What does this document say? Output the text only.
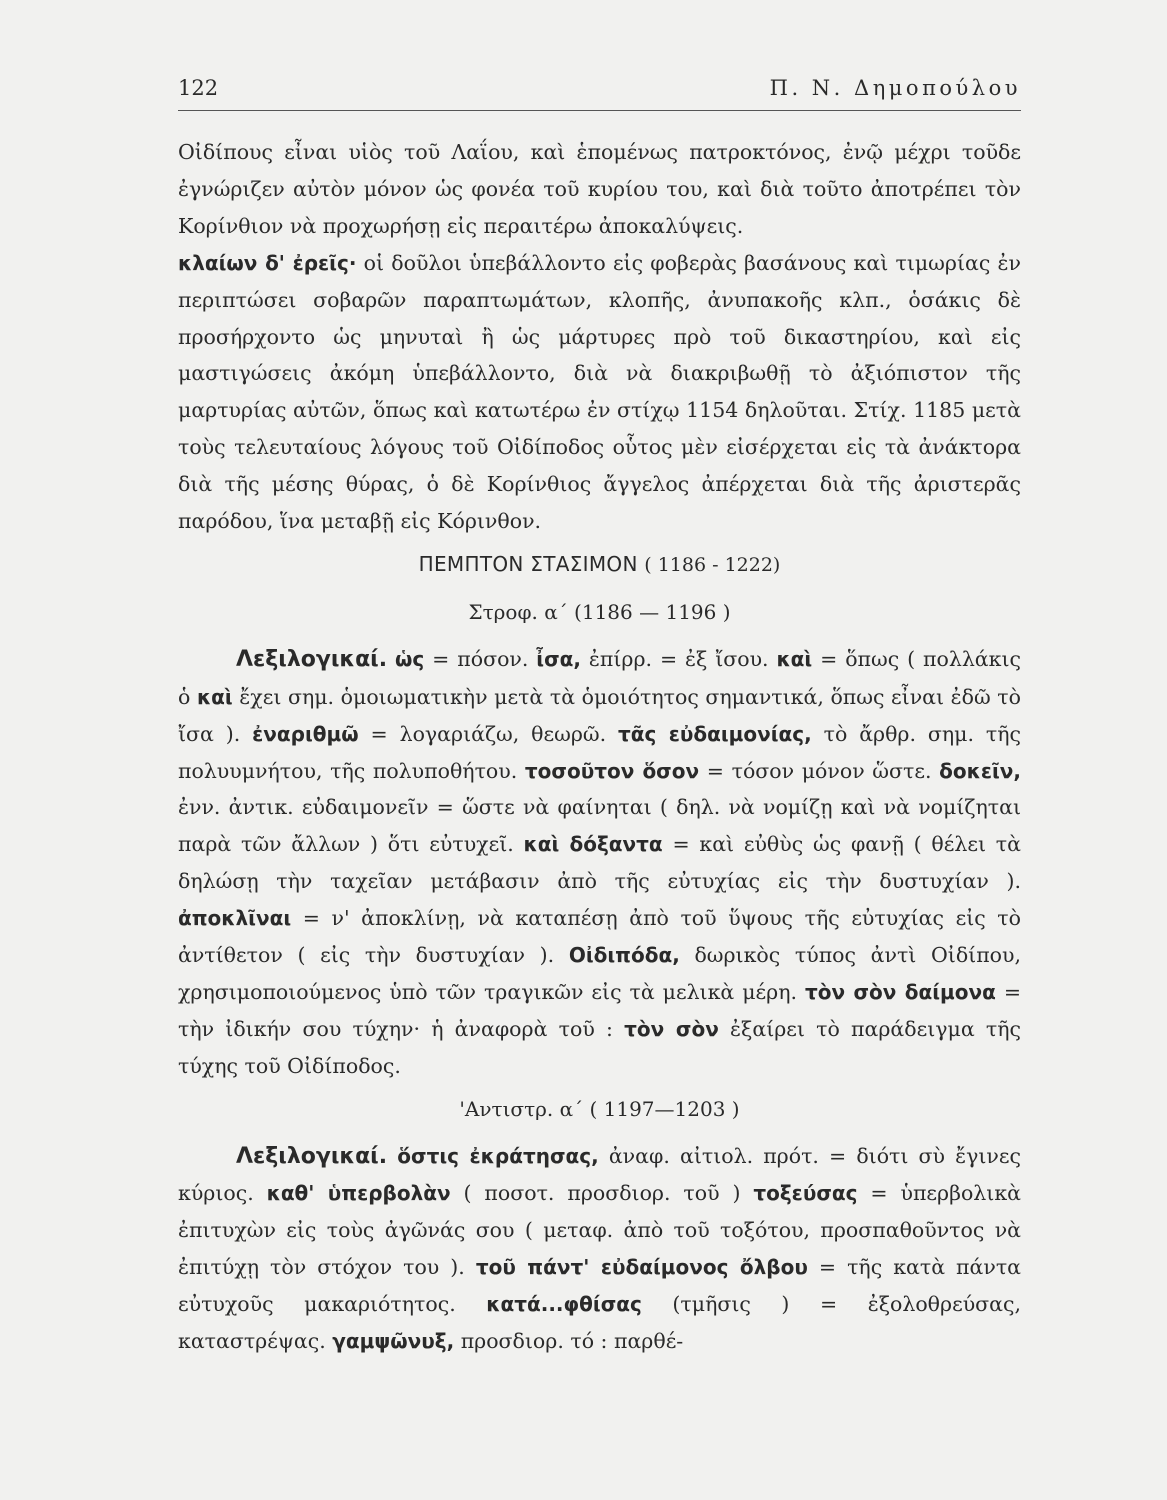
122	Π. Ν. Δημοπούλου

Οἰδίπους εἶναι υἱὸς τοῦ Λαΐου, καὶ ἑπομένως πατροκτόνος, ἐνῷ μέχρι τοῦδε ἐγνώριζεν αὐτὸν μόνον ὡς φονέα τοῦ κυρίου του, καὶ διὰ τοῦτο ἀποτρέπει τὸν Κορίνθιον νὰ προχωρήσῃ εἰς περαιτέρω ἀποκαλύψεις.

κλαίων δ' ἐρεῖς· οἱ δοῦλοι ὑπεβάλλοντο εἰς φοβερὰς βασάνους καὶ τιμωρίας ἐν περιπτώσει σοβαρῶν παραπτωμάτων, κλοπῆς, ἀνυπακοῆς κλπ., ὁσάκις δὲ προσήρχοντο ὡς μηνυταὶ ἢ ὡς μάρτυρες πρὸ τοῦ δικαστηρίου, καὶ εἰς μαστιγώσεις ἀκόμη ὑπεβάλλοντο, διὰ νὰ διακριβωθῇ τὸ ἀξιόπιστον τῆς μαρτυρίας αὐτῶν, ὅπως καὶ κατωτέρω ἐν στίχῳ 1154 δηλοῦται. Στίχ. 1185 μετὰ τοὺς τελευταίους λόγους τοῦ Οἰδίποδος οὗτος μὲν εἰσέρχεται εἰς τὰ ἀνάκτορα διὰ τῆς μέσης θύρας, ὁ δὲ Κορίνθιος ἄγγελος ἀπέρχεται διὰ τῆς ἀριστερᾶς παρόδου, ἵνα μεταβῇ εἰς Κόρινθον.

ΠΕΜΠΤΟΝ ΣΤΑΣΙΜΟΝ ( 1186 - 1222)
Στροφ. α΄ (1186 — 1196 )

Λεξιλογικαί. ὡς = πόσον. ἶσα, ἐπίρρ. = ἐξ ἴσου. καὶ = ὅπως ( πολλάκις ὁ καὶ ἔχει σημ. ὁμοιωματικὴν μετὰ τὰ ὁμοιότητος σημαντικά, ὅπως εἶναι ἐδῶ τὸ ἴσα ). ἐναριθμῶ = λογαριάζω, θεωρῶ. τᾶς εὐδαιμονίας, τὸ ἄρθρ. σημ. τῆς πολυυμνήτου, τῆς πολυποθήτου. τοσοῦτον ὅσον = τόσον μόνον ὥστε. δοκεῖν, ἐνν. ἀντικ. εὐδαιμονεῖν = ὥστε νὰ φαίνηται ( δηλ. νὰ νομίζῃ καὶ νὰ νομίζηται παρὰ τῶν ἄλλων ) ὅτι εὐτυχεῖ. καὶ δόξαντα = καὶ εὐθὺς ὡς φανῇ ( θέλει τὰ δηλώσῃ τὴν ταχεῖαν μετάβασιν ἀπὸ τῆς εὐτυχίας εἰς τὴν δυστυχίαν ). ἀποκλῖναι = ν' ἀποκλίνῃ, νὰ καταπέσῃ ἀπὸ τοῦ ὕψους τῆς εὐτυχίας εἰς τὸ ἀντίθετον ( εἰς τὴν δυστυχίαν ). Οἰδιπόδα, δωρικὸς τύπος ἀντὶ Οἰδίπου, χρησιμοποιούμενος ὑπὸ τῶν τραγικῶν εἰς τὰ μελικὰ μέρη. τὸν σὸν δαίμονα = τὴν ἰδικήν σου τύχην· ἡ ἀναφορὰ τοῦ : τὸν σὸν ἐξαίρει τὸ παράδειγμα τῆς τύχης τοῦ Οἰδίποδος.

'Αντιστρ. α΄ ( 1197—1203 )

Λεξιλογικαί. ὅστις ἐκράτησας, ἀναφ. αἰτιολ. πρότ. = διότι σὺ ἔγινες κύριος. καθ' ὑπερβολὰν ( ποσοτ. προσδιορ. τοῦ ) τοξεύσας = ὑπερβολικὰ ἐπιτυχὼν εἰς τοὺς ἀγῶνάς σου ( μεταφ. ἀπὸ τοῦ τοξότου, προσπαθοῦντος νὰ ἐπιτύχῃ τὸν στόχον του ). τοῦ πάντ' εὐδαίμονος ὄλβου = τῆς κατὰ πάντα εὐτυχοῦς μακαριότητος. κατά...φθίσας (τμῆσις ) = ἐξολοθρεύσας, καταστρέψας. γαμψῶνυξ, προσδιορ. τό : παρθέ-
